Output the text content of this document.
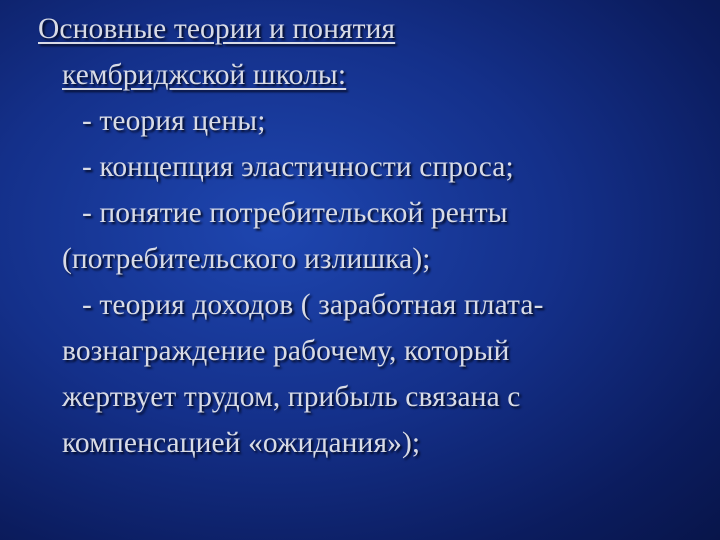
Основные теории и понятия
кембриджской школы:
- теория цены;
- концепция эластичности спроса;
- понятие потребительской ренты
(потребительского излишка);
- теория доходов ( заработная плата-
вознаграждение рабочему, который
жертвует трудом, прибыль связана с
компенсацией «ожидания»);
